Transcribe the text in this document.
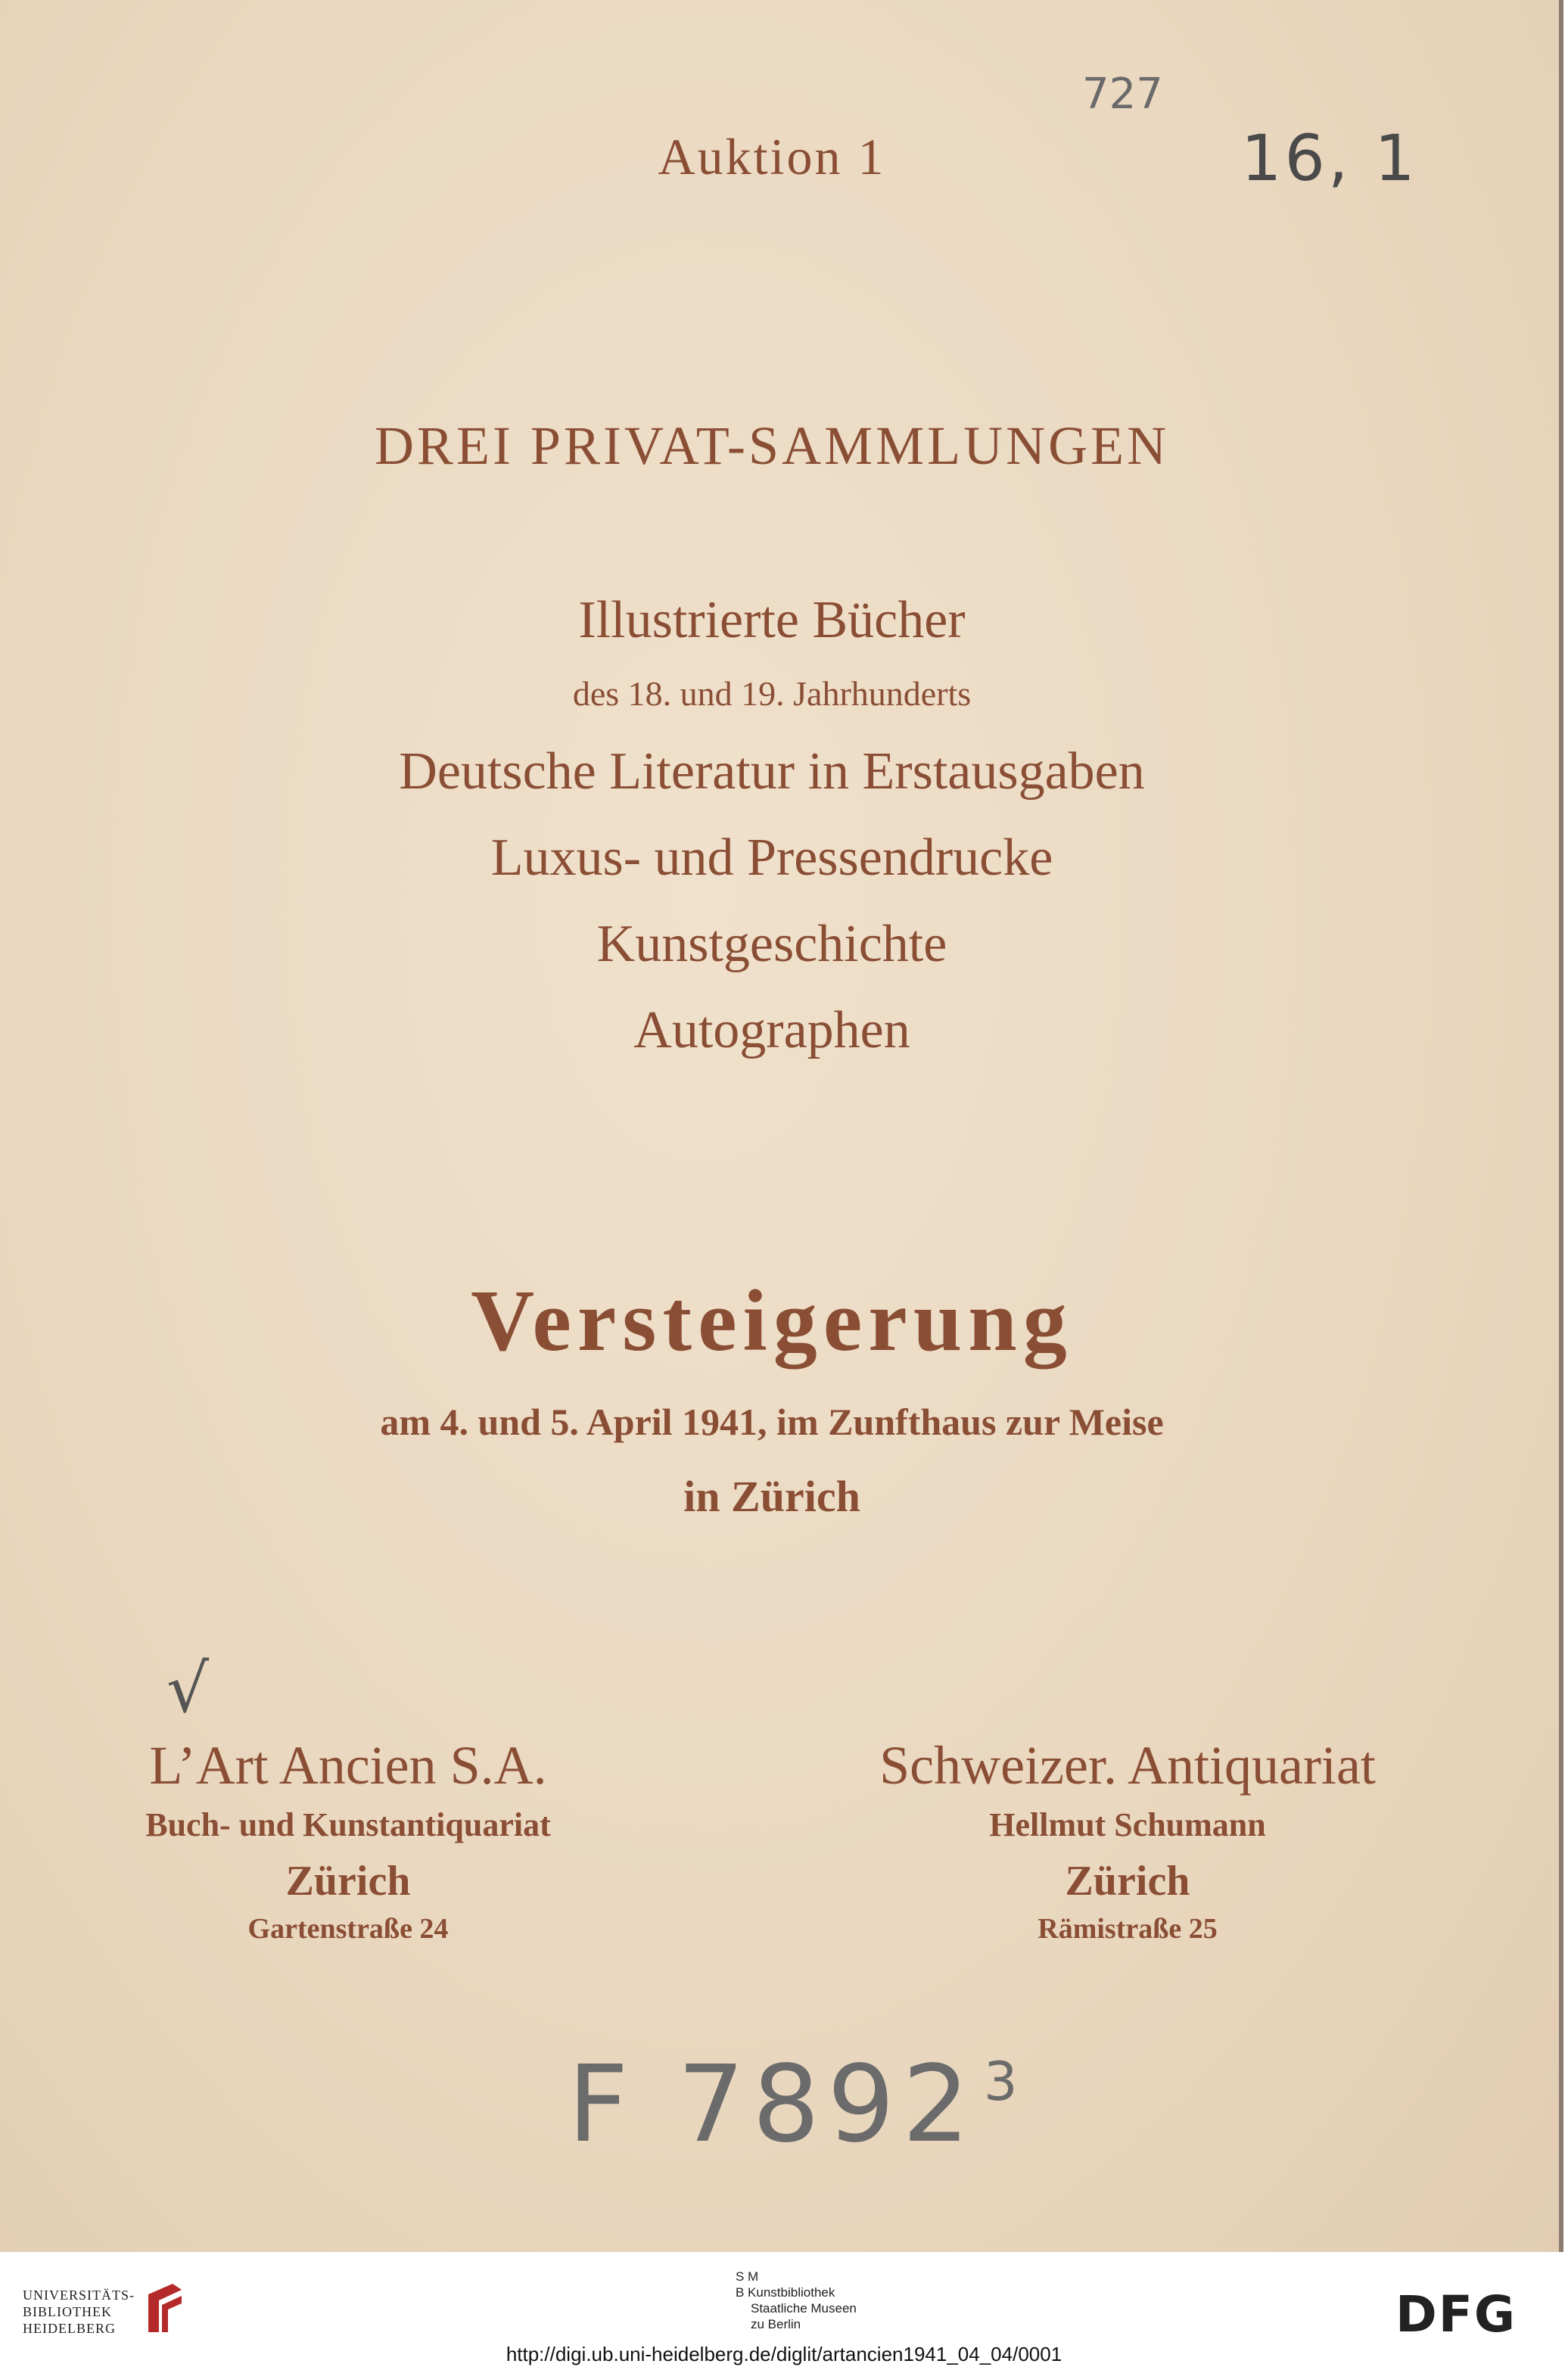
Auktion 1
727
16, 1
DREI PRIVAT-SAMMLUNGEN
Illustrierte Bücher
des 18. und 19. Jahrhunderts
Deutsche Literatur in Erstausgaben
Luxus- und Pressendrucke
Kunstgeschichte
Autographen
Versteigerung
am 4. und 5. April 1941, im Zunfthaus zur Meise
in Zürich
√
L’Art Ancien S.A.
Buch- und Kunstantiquariat
Zürich
Gartenstraße 24
Schweizer. Antiquariat
Hellmut Schumann
Zürich
Rämistraße 25
F 7892 3
UNIVERSITÄTS-
BIBLIOTHEK
HEIDELBERG
S M
B Kunstbibliothek
Staatliche Museen
zu Berlin	DFG
http://digi.ub.uni-heidelberg.de/diglit/artancien1941_04_04/0001
